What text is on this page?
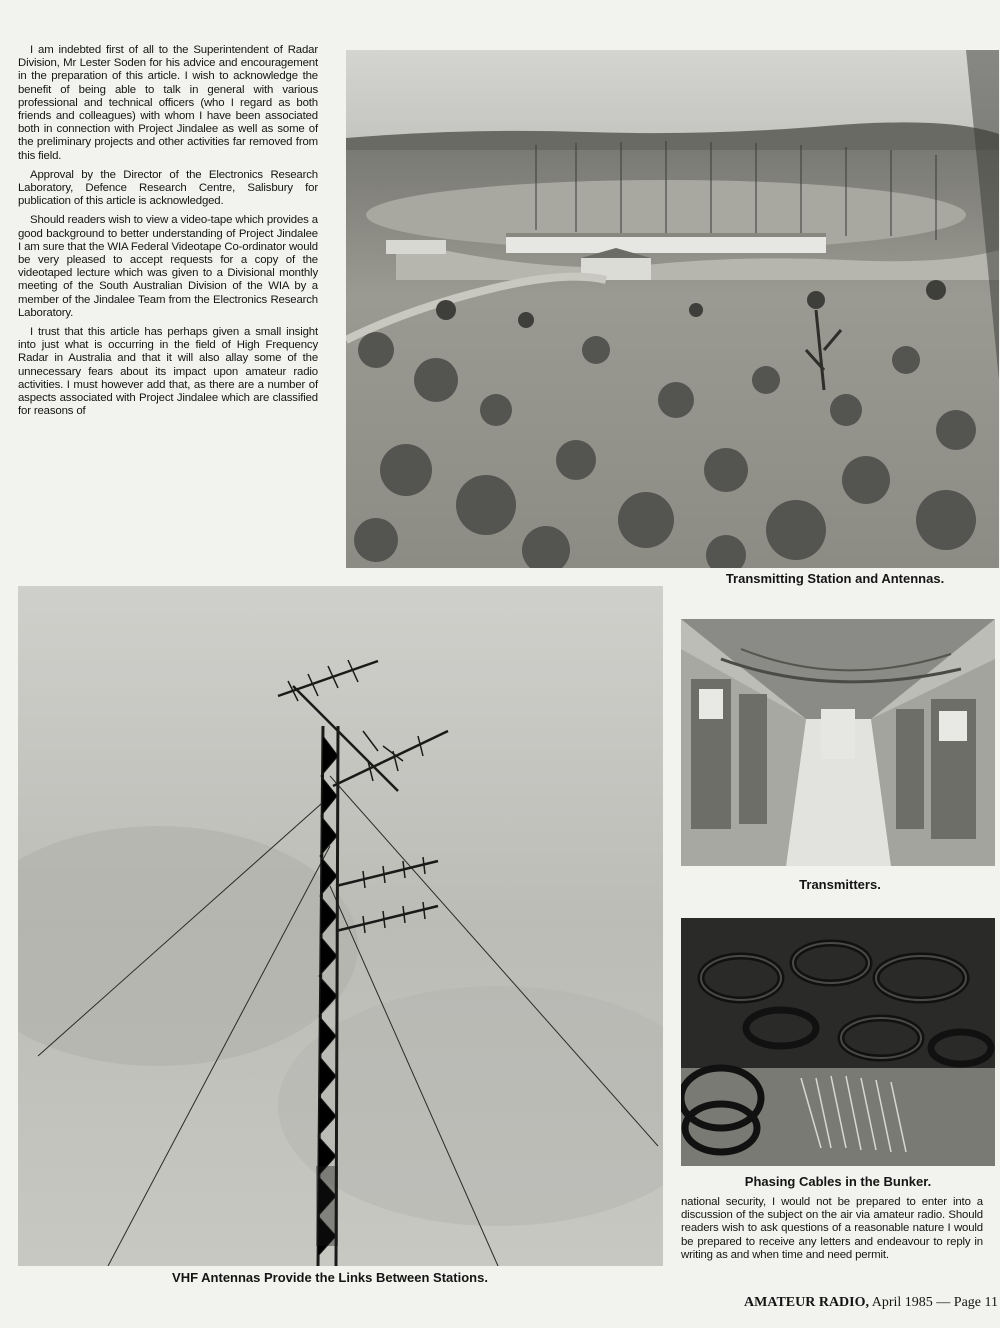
I am indebted first of all to the Superintendent of Radar Division, Mr Lester Soden for his advice and encouragement in the preparation of this article. I wish to acknowledge the benefit of being able to talk in general with various professional and technical officers (who I regard as both friends and colleagues) with whom I have been associated both in connection with Project Jindalee as well as some of the preliminary projects and other activities far removed from this field.

Approval by the Director of the Electronics Research Laboratory, Defence Research Centre, Salisbury for publication of this article is acknowledged.

Should readers wish to view a video-tape which provides a good background to better understanding of Project Jindalee I am sure that the WIA Federal Videotape Co-ordinator would be very pleased to accept requests for a copy of the videotaped lecture which was given to a Divisional monthly meeting of the South Australian Division of the WIA by a member of the Jindalee Team from the Electronics Research Laboratory.

I trust that this article has perhaps given a small insight into just what is occurring in the field of High Frequency Radar in Australia and that it will also allay some of the unnecessary fears about its impact upon amateur radio activities. I must however add that, as there are a number of aspects associated with Project Jindalee which are classified for reasons of

Transmitting Station and Antennas.
Transmitters.
Phasing Cables in the Bunker.

national security, I would not be prepared to enter into a discussion of the subject on the air via amateur radio. Should readers wish to ask questions of a reasonable nature I would be prepared to receive any letters and endeavour to reply in writing as and when time and need permit.

VHF Antennas Provide the Links Between Stations.
AMATEUR RADIO, April 1985 — Page 11
